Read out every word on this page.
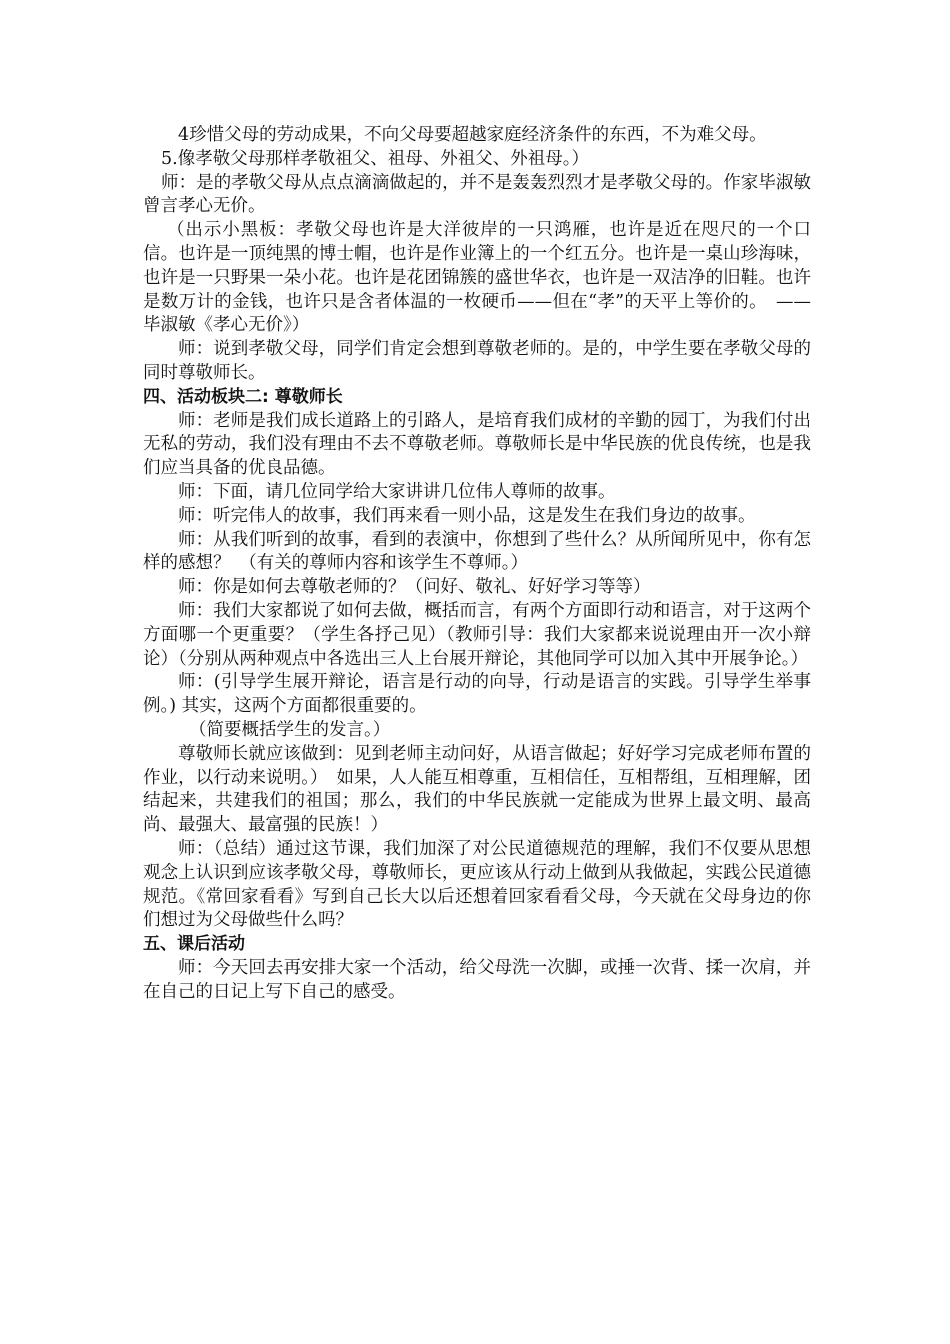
4珍惜父母的劳动成果，不向父母要超越家庭经济条件的东西，不为难父母。

5.像孝敬父母那样孝敬祖父、祖母、外祖父、外祖母。）

师：是的孝敬父母从点点滴滴做起的，并不是轰轰烈烈才是孝敬父母的。作家毕淑敏曾言孝心无价。

（出示小黑板：孝敬父母也许是大洋彼岸的一只鸿雁，也许是近在咫尺的一个口信。也许是一顶纯黑的博士帽，也许是作业簿上的一个红五分。也许是一桌山珍海味，也许是一只野果一朵小花。也许是花团锦簇的盛世华衣，也许是一双洁净的旧鞋。也许是数万计的金钱，也许只是含者体温的一枚硬币——但在“孝”的天平上等价的。　——毕淑敏《孝心无价》）

师：说到孝敬父母，同学们肯定会想到尊敬老师的。是的，中学生要在孝敬父母的同时尊敬师长。

四、活动板块二: 尊敬师长

师：老师是我们成长道路上的引路人，是培育我们成材的辛勤的园丁，为我们付出无私的劳动，我们没有理由不去不尊敬老师。尊敬师长是中华民族的优良传统，也是我们应当具备的优良品德。

师：下面，请几位同学给大家讲讲几位伟人尊师的故事。

师：听完伟人的故事，我们再来看一则小品，这是发生在我们身边的故事。

师：从我们听到的故事，看到的表演中，你想到了些什么？从所闻所见中，你有怎样的感想？　（有关的尊师内容和该学生不尊师。）

师：你是如何去尊敬老师的？（问好、敬礼、好好学习等等）

师：我们大家都说了如何去做，概括而言，有两个方面即行动和语言，对于这两个方面哪一个更重要？（学生各抒己见）（教师引导：我们大家都来说说理由开一次小辩论）（分别从两种观点中各选出三人上台展开辩论，其他同学可以加入其中开展争论。）

师：(引导学生展开辩论，语言是行动的向导，行动是语言的实践。引导学生举事例。) 其实，这两个方面都很重要的。

（简要概括学生的发言。）

尊敬师长就应该做到：见到老师主动问好，从语言做起；好好学习完成老师布置的作业，以行动来说明。）　如果，人人能互相尊重，互相信任，互相帮组，互相理解，团结起来，共建我们的祖国；那么，我们的中华民族就一定能成为世界上最文明、最高尚、最强大、最富强的民族！）

师：（总结）通过这节课，我们加深了对公民道德规范的理解，我们不仅要从思想观念上认识到应该孝敬父母，尊敬师长，更应该从行动上做到从我做起，实践公民道德规范。《常回家看看》写到自己长大以后还想着回家看看父母，今天就在父母身边的你们想过为父母做些什么吗？

五、课后活动

师：今天回去再安排大家一个活动，给父母洗一次脚，或捶一次背、揉一次肩，并在自己的日记上写下自己的感受。
